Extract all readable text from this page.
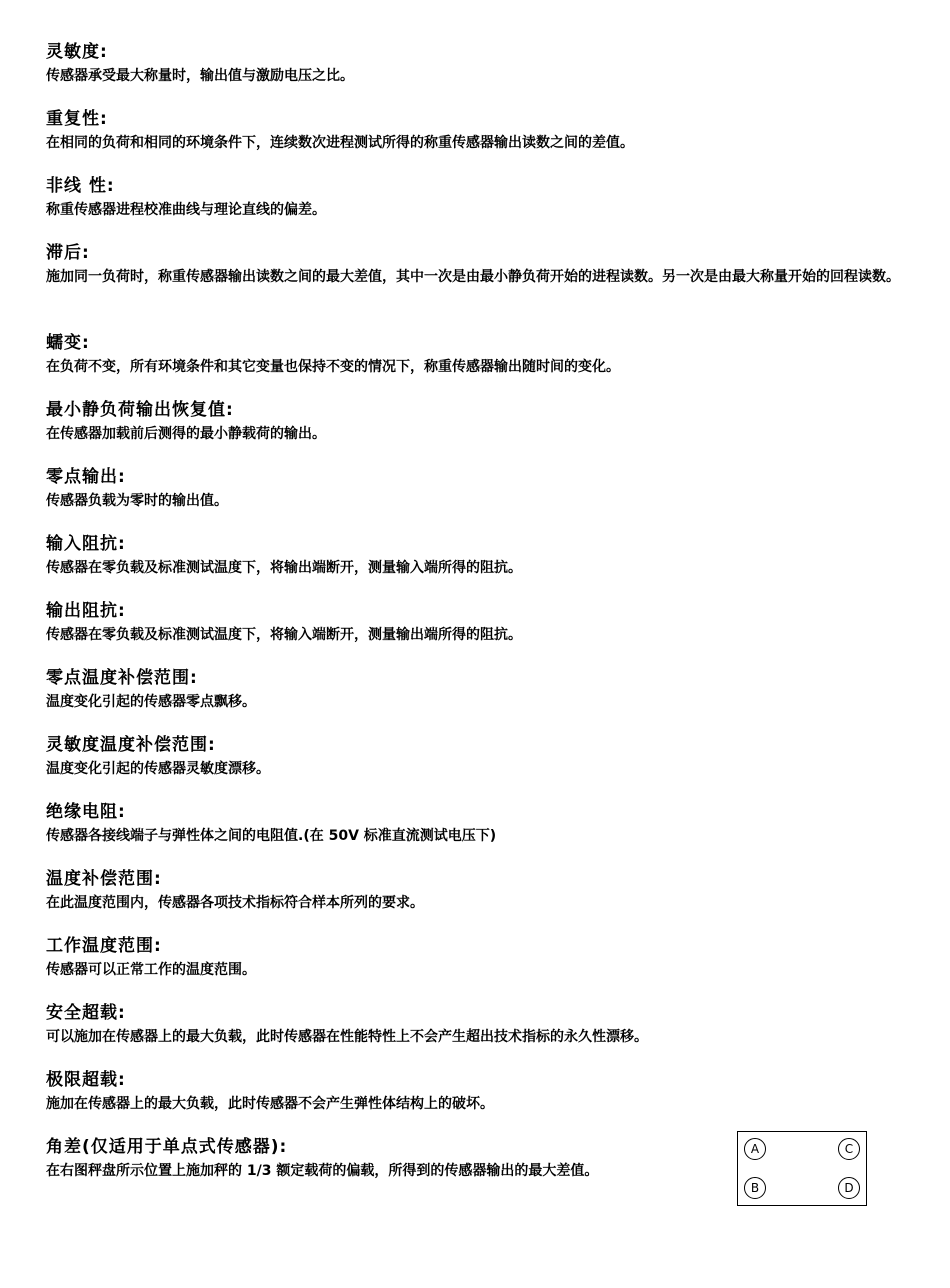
灵敏度:
传感器承受最大称量时，输出值与激励电压之比。
重复性:
在相同的负荷和相同的环境条件下，连续数次进程测试所得的称重传感器输出读数之间的差值。
非线 性:
称重传感器进程校准曲线与理论直线的偏差。
滞后:
施加同一负荷时，称重传感器输出读数之间的最大差值，其中一次是由最小静负荷开始的进程读数。另一次是由最大称量开始的回程读数。
蠕变:
在负荷不变，所有环境条件和其它变量也保持不变的情况下，称重传感器输出随时间的变化。
最小静负荷输出恢复值:
在传感器加载前后测得的最小静载荷的输出。
零点输出:
传感器负载为零时的输出值。
输入阻抗:
传感器在零负载及标准测试温度下，将输出端断开，测量输入端所得的阻抗。
输出阻抗:
传感器在零负载及标准测试温度下，将输入端断开，测量输出端所得的阻抗。
零点温度补偿范围:
温度变化引起的传感器零点飘移。
灵敏度温度补偿范围:
温度变化引起的传感器灵敏度漂移。
绝缘电阻:
传感器各接线端子与弹性体之间的电阻值.(在 50V 标准直流测试电压下)
温度补偿范围:
在此温度范围内，传感器各项技术指标符合样本所列的要求。
工作温度范围:
传感器可以正常工作的温度范围。
安全超载:
可以施加在传感器上的最大负载，此时传感器在性能特性上不会产生超出技术指标的永久性漂移。
极限超载:
施加在传感器上的最大负载，此时传感器不会产生弹性体结构上的破坏。
角差(仅适用于单点式传感器):
在右图秤盘所示位置上施加秤的 1/3 额定载荷的偏载，所得到的传感器输出的最大差值。
A	C
B	D
